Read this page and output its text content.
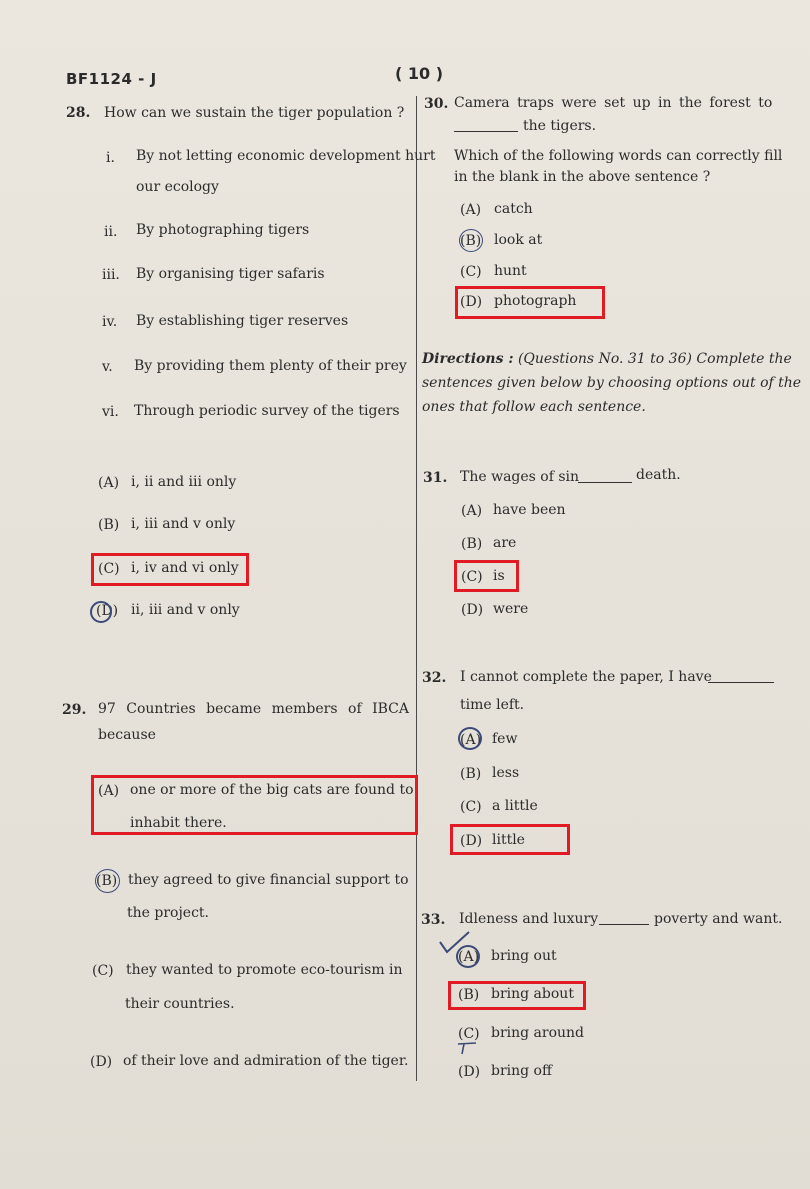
BF1124 - J	( 10 )
28. How can we sustain the tiger population ?
i. By not letting economic development hurt
our ecology
ii. By photographing tigers
iii. By organising tiger safaris
iv. By establishing tiger reserves
v. By providing them plenty of their prey
vi. Through periodic survey of the tigers
(A) i, ii and iii only
(B) i, iii and v only
(C) i, iv and vi only
(D) ii, iii and v only
29. 97 Countries became members of IBCA
because
(A) one or more of the big cats are found to
inhabit there.
(B) they agreed to give financial support to
the project.
(C) they wanted to promote eco-tourism in
their countries.
(D) of their love and admiration of the tiger.
30. Camera traps were set up in the forest to
the tigers.
Which of the following words can correctly fill
in the blank in the above sentence ?
(A) catch
(B) look at
(C) hunt
(D) photograph
Directions : (Questions No. 31 to 36) Complete the
sentences given below by choosing options out of the
ones that follow each sentence.
31. The wages of sin	death.
(A) have been
(B) are
(C) is
(D) were
32. I cannot complete the paper, I have
time left.
(A) few
(B) less
(C) a little
(D) little
33. Idleness and luxury	poverty and want.
(A) bring out
(B) bring about
(C) bring around
(D) bring off
